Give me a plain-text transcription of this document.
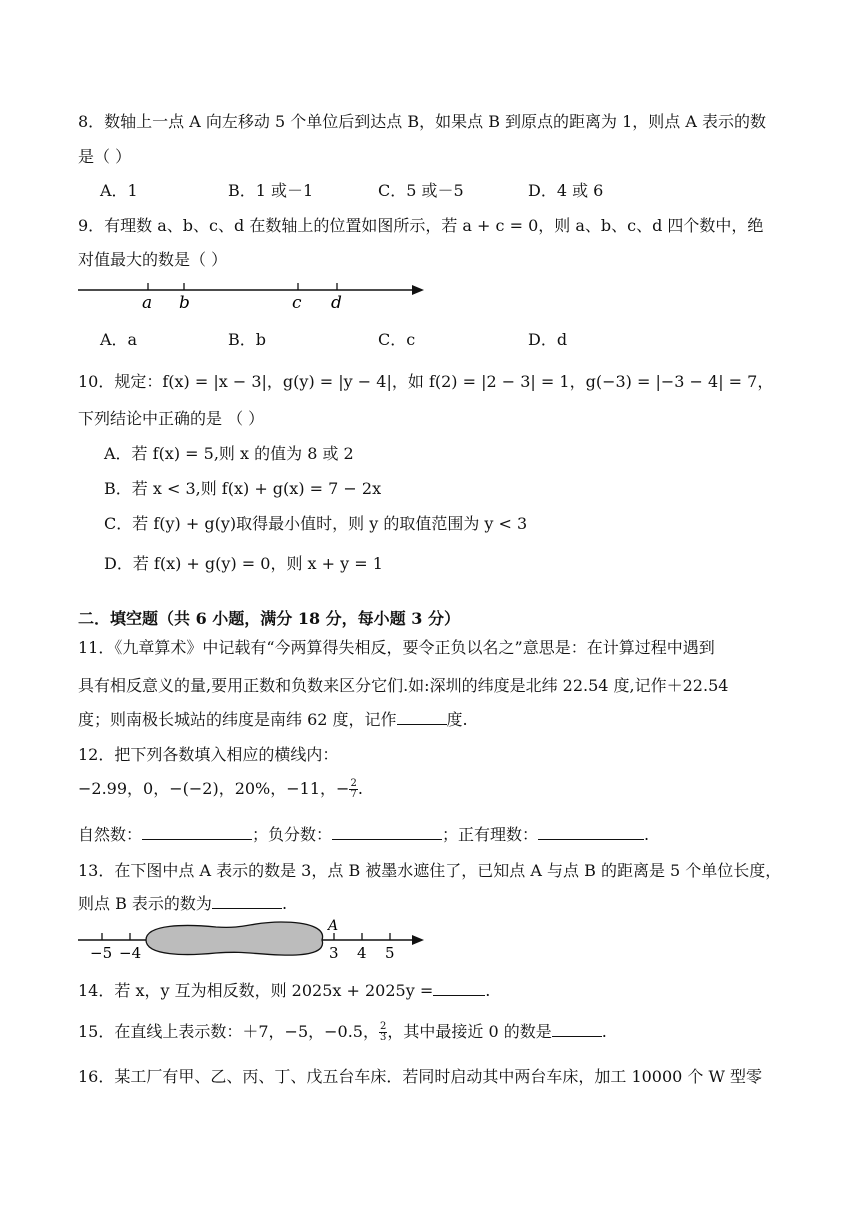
8．数轴上一点 A 向左移动 5 个单位后到达点 B，如果点 B 到原点的距离为 1，则点 A 表示的数
是（ ）
A．1	B．1 或－1	C．5 或－5	D．4 或 6
9．有理数 a、b、c、d 在数轴上的位置如图所示，若 a + c = 0，则 a、b、c、d 四个数中，绝
对值最大的数是（ ）
a b	c d
A．a	B．b	C．c	D．d
10．规定：f(x) = |x − 3|，g(y) = |y − 4|，如 f(2) = |2 − 3| = 1，g(−3) = |−3 − 4| = 7，
下列结论中正确的是 （ ）
A．若 f(x) = 5,则 x 的值为 8 或 2
B．若 x < 3,则 f(x) + g(x) = 7 − 2x
C．若 f(y) + g(y)取得最小值时，则 y 的取值范围为 y < 3
D．若 f(x) + g(y) = 0，则 x + y = 1
二．填空题（共 6 小题，满分 18 分，每小题 3 分）
11．《九章算术》中记载有“今两算得失相反，要令正负以名之”意思是：在计算过程中遇到
具有相反意义的量,要用正数和负数来区分它们.如:深圳的纬度是北纬 22.54 度,记作＋22.54
度；则南极长城站的纬度是南纬 62 度，记作	度.
12．把下列各数填入相应的横线内：
−2.99，0，−(−2)，20%，−11，− $\frac{2}{7}$ .
自然数：	；负分数：	；正有理数：	.
13．在下图中点 A 表示的数是 3，点 B 被墨水遮住了，已知点 A 与点 B 的距离是 5 个单位长度，
则点 B 表示的数为	.
A
−5 −4	3 4 5
14．若 x，y 互为相反数，则 2025x + 2025y =	.
15．在直线上表示数：＋7，−5，−0.5， $\frac{2}{3}$ ，其中最接近 0 的数是	.
16．某工厂有甲、乙、丙、丁、戊五台车床．若同时启动其中两台车床，加工 10000 个 W 型零
